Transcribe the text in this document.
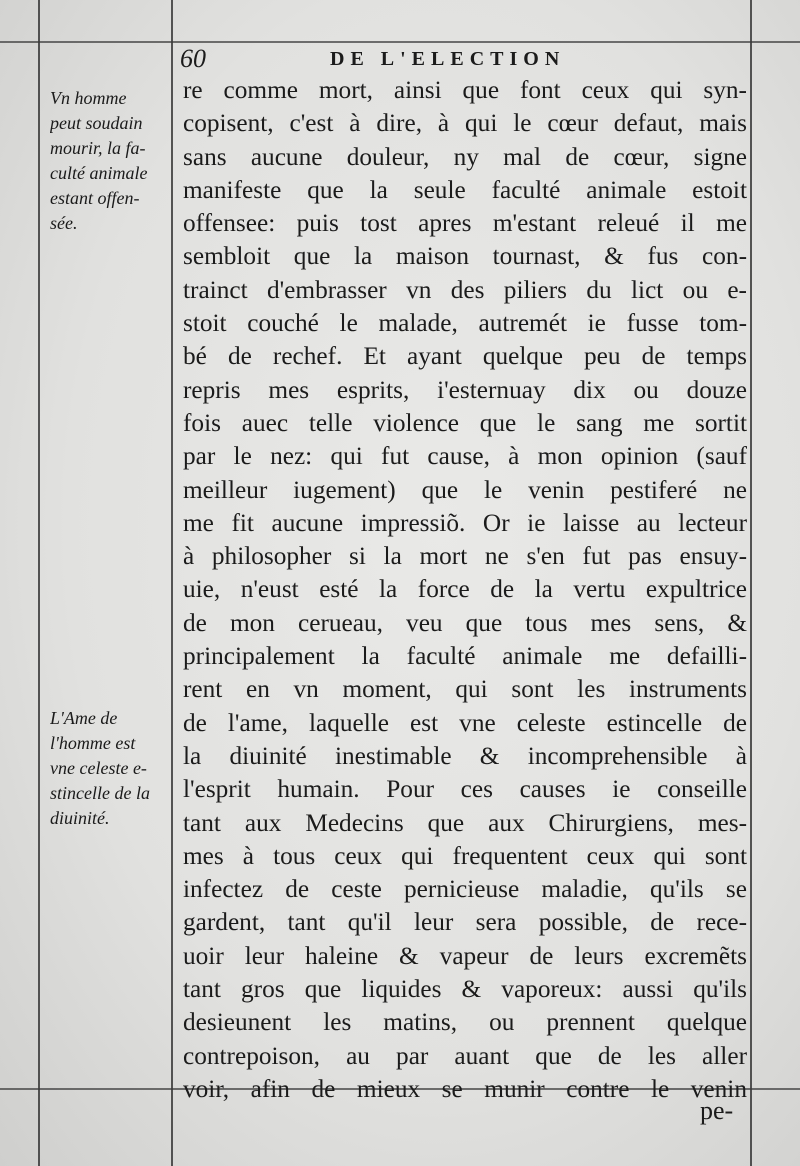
60	DE L'ELECTION
Vn homme
peut soudain
mourir, la fa-
culté animale
estant offen-
sée.
L'Ame de
l'homme est
vne celeste e-
stincelle de la
diuinité.
re comme mort, ainsi que font ceux qui syn-
copisent, c'est à dire, à qui le cœur defaut, mais
sans aucune douleur, ny mal de cœur, signe
manifeste que la seule faculté animale estoit
offensee: puis tost apres m'estant releué il me
sembloit que la maison tournast, & fus con-
trainct d'embrasser vn des piliers du lict ou e-
stoit couché le malade, autremét ie fusse tom-
bé de rechef. Et ayant quelque peu de temps
repris mes esprits, i'esternuay dix ou douze
fois auec telle violence que le sang me sortit
par le nez: qui fut cause, à mon opinion (sauf
meilleur iugement) que le venin pestiferé ne
me fit aucune impressiõ. Or ie laisse au lecteur
à philosopher si la mort ne s'en fut pas ensuy-
uie, n'eust esté la force de la vertu expultrice
de mon cerueau, veu que tous mes sens, &
principalement la faculté animale me defailli-
rent en vn moment, qui sont les instruments
de l'ame, laquelle est vne celeste estincelle de
la diuinité inestimable & incomprehensible à
l'esprit humain. Pour ces causes ie conseille
tant aux Medecins que aux Chirurgiens, mes-
mes à tous ceux qui frequentent ceux qui sont
infectez de ceste pernicieuse maladie, qu'ils se
gardent, tant qu'il leur sera possible, de rece-
uoir leur haleine & vapeur de leurs excremẽts
tant gros que liquides & vaporeux: aussi qu'ils
desieunent les matins, ou prennent quelque
contrepoison, au par auant que de les aller
voir, afin de mieux se munir contre le venin
pe-
